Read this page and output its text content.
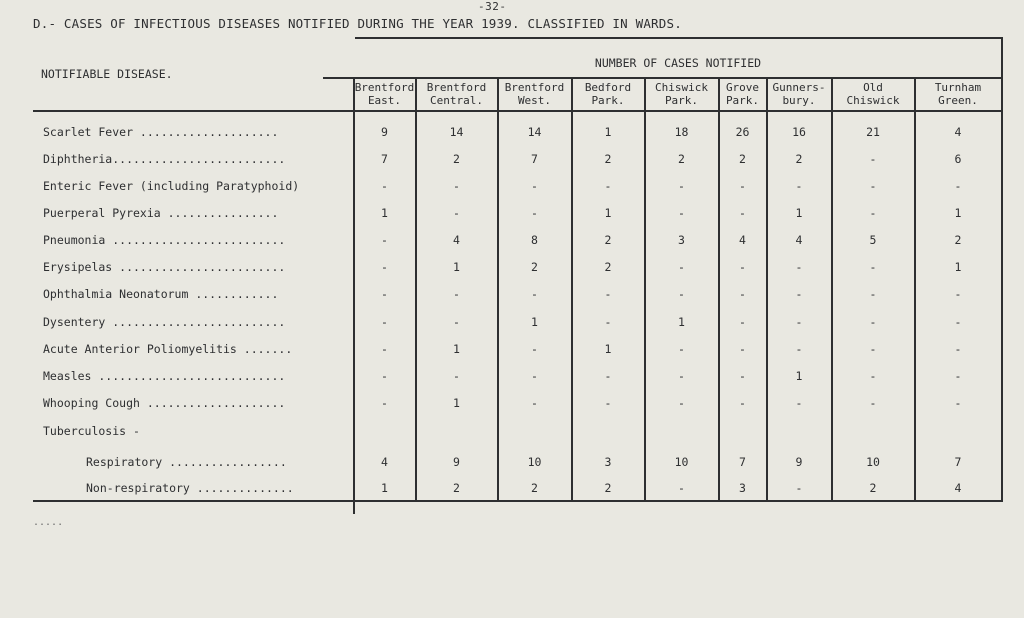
-32-
D.- CASES OF INFECTIOUS DISEASES NOTIFIED DURING THE YEAR 1939. CLASSIFIED IN WARDS.
NOTIFIABLE DISEASE.
NUMBER OF CASES NOTIFIED
Brentford
East.
Brentford
Central.
Brentford
West.
Bedford
Park.
Chiswick
Park.
Grove
Park.
Gunners-
bury.
Old
Chiswick
Turnham
Green.
Scarlet Fever ....................	9	14	14	1	18	26	16	21	4
Diphtheria.........................	7	2	7	2	2	2	2	-	6
Enteric Fever (including Paratyphoid)	-	-	-	-	-	-	-	-	-
Puerperal Pyrexia ................	1	-	-	1	-	-	1	-	1
Pneumonia .........................	-	4	8	2	3	4	4	5	2
Erysipelas ........................	-	1	2	2	-	-	-	-	1
Ophthalmia Neonatorum ............	-	-	-	-	-	-	-	-	-
Dysentery .........................	-	-	1	-	1	-	-	-	-
Acute Anterior Poliomyelitis .......	-	1	-	1	-	-	-	-	-
Measles ...........................	-	-	-	-	-	-	1	-	-
Whooping Cough ....................	-	1	-	-	-	-	-	-	-
Tuberculosis -
Respiratory .................	4	9	10	3	10	7	9	10	7
Non-respiratory ..............	1	2	2	2	-	3	-	2	4
.....
